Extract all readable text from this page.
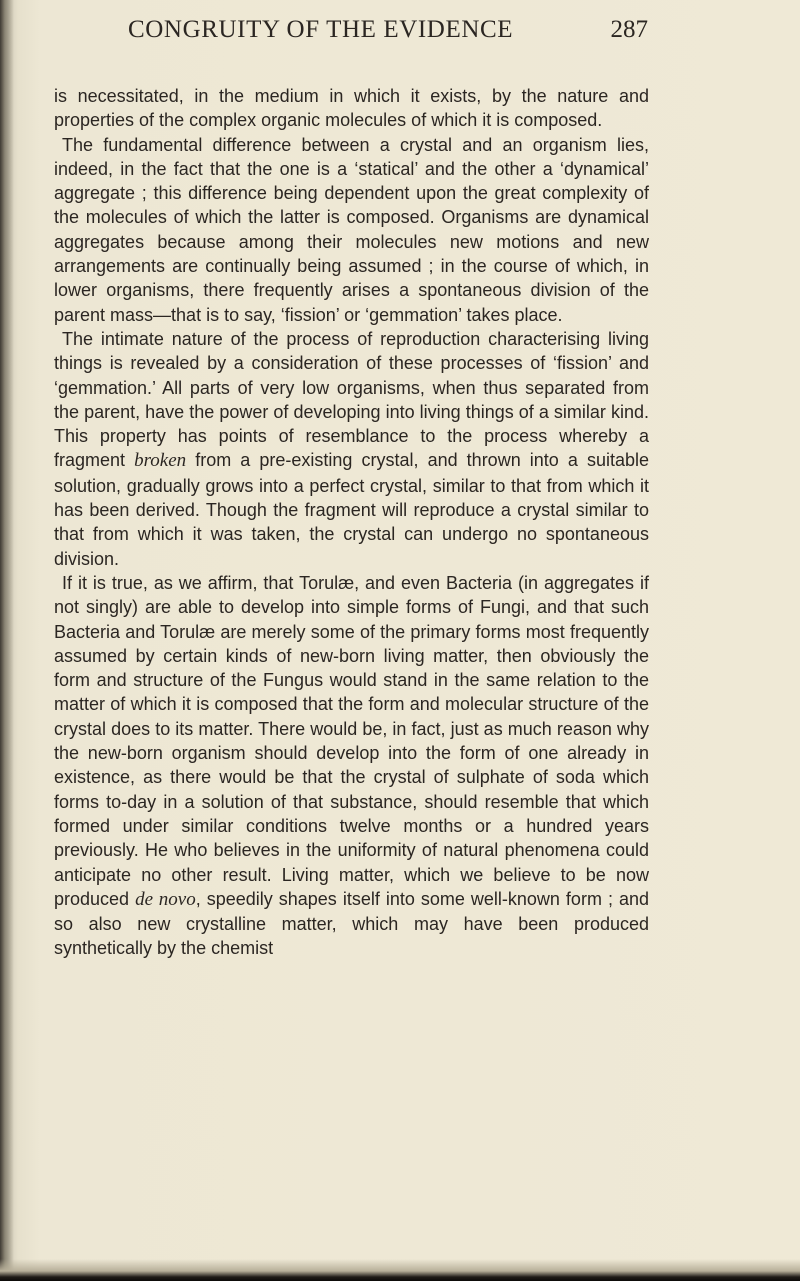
CONGRUITY OF THE EVIDENCE	287

is necessitated, in the medium in which it exists, by the nature and properties of the complex organic molecules of which it is composed.

The fundamental difference between a crystal and an organism lies, indeed, in the fact that the one is a ‘statical’ and the other a ‘dynamical’ aggregate ; this difference being dependent upon the great complexity of the molecules of which the latter is composed. Organisms are dynamical aggregates because among their molecules new motions and new arrangements are continually being assumed ; in the course of which, in lower organisms, there frequently arises a spontaneous division of the parent mass—that is to say, ‘fission’ or ‘gemmation’ takes place.

The intimate nature of the process of reproduction characterising living things is revealed by a consideration of these processes of ‘fission’ and ‘gemmation.’ All parts of very low organisms, when thus separated from the parent, have the power of developing into living things of a similar kind. This property has points of resemblance to the process whereby a fragment broken from a pre-existing crystal, and thrown into a suitable solution, gradually grows into a perfect crystal, similar to that from which it has been derived. Though the fragment will reproduce a crystal similar to that from which it was taken, the crystal can undergo no spontaneous division.

If it is true, as we affirm, that Torulæ, and even Bacteria (in aggregates if not singly) are able to develop into simple forms of Fungi, and that such Bacteria and Torulæ are merely some of the primary forms most frequently assumed by certain kinds of new-born living matter, then obviously the form and structure of the Fungus would stand in the same relation to the matter of which it is composed that the form and molecular structure of the crystal does to its matter. There would be, in fact, just as much reason why the new-born organism should develop into the form of one already in existence, as there would be that the crystal of sulphate of soda which forms to-day in a solution of that substance, should resemble that which formed under similar conditions twelve months or a hundred years previously. He who believes in the uniformity of natural phenomena could anticipate no other result. Living matter, which we believe to be now produced de novo, speedily shapes itself into some well-known form ; and so also new crystalline matter, which may have been produced synthetically by the chemist
